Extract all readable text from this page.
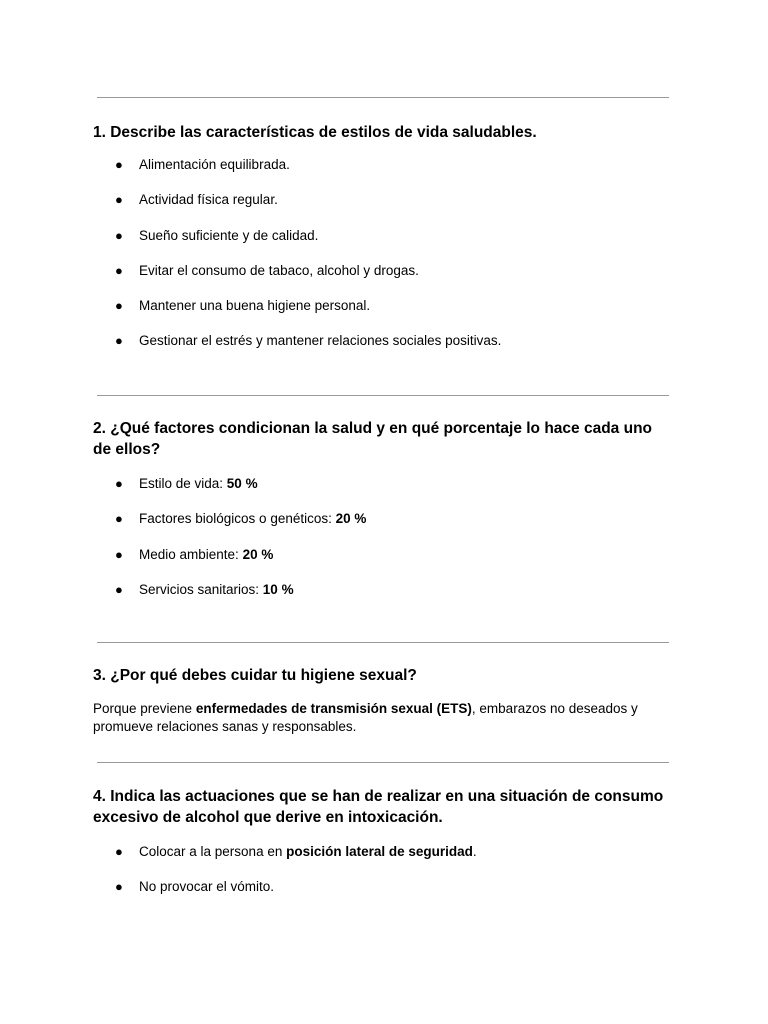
1. Describe las características de estilos de vida saludables.
● Alimentación equilibrada.
● Actividad física regular.
● Sueño suficiente y de calidad.
● Evitar el consumo de tabaco, alcohol y drogas.
● Mantener una buena higiene personal.
● Gestionar el estrés y mantener relaciones sociales positivas.
2. ¿Qué factores condicionan la salud y en qué porcentaje lo hace cada uno de ellos?
● Estilo de vida: 50 %
● Factores biológicos o genéticos: 20 %
● Medio ambiente: 20 %
● Servicios sanitarios: 10 %
3. ¿Por qué debes cuidar tu higiene sexual?

Porque previene enfermedades de transmisión sexual (ETS), embarazos no deseados y promueve relaciones sanas y responsables.

4. Indica las actuaciones que se han de realizar en una situación de consumo excesivo de alcohol que derive en intoxicación.
● Colocar a la persona en posición lateral de seguridad.
● No provocar el vómito.
